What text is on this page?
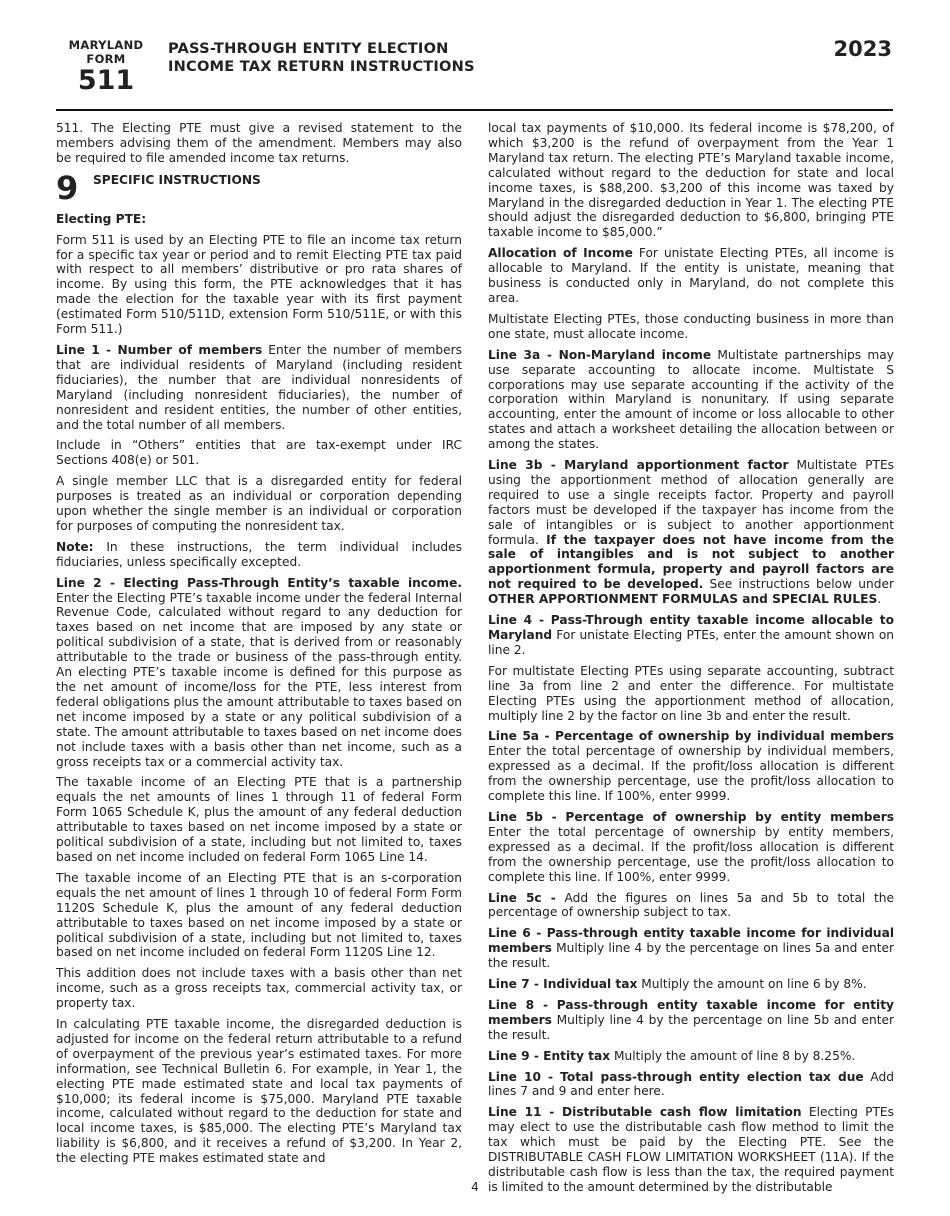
MARYLAND
FORM
511
PASS-THROUGH ENTITY ELECTION
INCOME TAX RETURN INSTRUCTIONS
2023

511. The Electing PTE must give a revised statement to the members advising them of the amendment. Members may also be required to file amended income tax returns.

9 SPECIFIC INSTRUCTIONS

Electing PTE:

Form 511 is used by an Electing PTE to file an income tax return for a specific tax year or period and to remit Electing PTE tax paid with respect to all members’ distributive or pro rata shares of income. By using this form, the PTE acknowledges that it has made the election for the taxable year with its first payment (estimated Form 510/511D, extension Form 510/511E, or with this Form 511.)

Line 1 - Number of members Enter the number of members that are individual residents of Maryland (including resident fiduciaries), the number that are individual nonresidents of Maryland (including nonresident fiduciaries), the number of nonresident and resident entities, the number of other entities, and the total number of all members.

Include in “Others” entities that are tax-exempt under IRC Sections 408(e) or 501.

A single member LLC that is a disregarded entity for federal purposes is treated as an individual or corporation depending upon whether the single member is an individual or corporation for purposes of computing the nonresident tax.

Note: In these instructions, the term individual includes fiduciaries, unless specifically excepted.

Line 2 - Electing Pass-Through Entity’s taxable income. Enter the Electing PTE’s taxable income under the federal Internal Revenue Code, calculated without regard to any deduction for taxes based on net income that are imposed by any state or political subdivision of a state, that is derived from or reasonably attributable to the trade or business of the pass-through entity. An electing PTE’s taxable income is defined for this purpose as the net amount of income/loss for the PTE, less interest from federal obligations plus the amount attributable to taxes based on net income imposed by a state or any political subdivision of a state. The amount attributable to taxes based on net income does not include taxes with a basis other than net income, such as a gross receipts tax or a commercial activity tax.

The taxable income of an Electing PTE that is a partnership equals the net amounts of lines 1 through 11 of federal Form Form 1065 Schedule K, plus the amount of any federal deduction attributable to taxes based on net income imposed by a state or political subdivision of a state, including but not limited to, taxes based on net income included on federal Form 1065 Line 14.

The taxable income of an Electing PTE that is an s-corporation equals the net amount of lines 1 through 10 of federal Form Form 1120S Schedule K, plus the amount of any federal deduction attributable to taxes based on net income imposed by a state or political subdivision of a state, including but not limited to, taxes based on net income included on federal Form 1120S Line 12.

This addition does not include taxes with a basis other than net income, such as a gross receipts tax, commercial activity tax, or property tax.

In calculating PTE taxable income, the disregarded deduction is adjusted for income on the federal return attributable to a refund of overpayment of the previous year’s estimated taxes. For more information, see Technical Bulletin 6. For example, in Year 1, the electing PTE made estimated state and local tax payments of $10,000; its federal income is $75,000. Maryland PTE taxable income, calculated without regard to the deduction for state and local income taxes, is $85,000. The electing PTE’s Maryland tax liability is $6,800, and it receives a refund of $3,200. In Year 2, the electing PTE makes estimated state and

local tax payments of $10,000. Its federal income is $78,200, of which $3,200 is the refund of overpayment from the Year 1 Maryland tax return. The electing PTE’s Maryland taxable income, calculated without regard to the deduction for state and local income taxes, is $88,200. $3,200 of this income was taxed by Maryland in the disregarded deduction in Year 1. The electing PTE should adjust the disregarded deduction to $6,800, bringing PTE taxable income to $85,000.”

Allocation of Income For unistate Electing PTEs, all income is allocable to Maryland. If the entity is unistate, meaning that business is conducted only in Maryland, do not complete this area.

Multistate Electing PTEs, those conducting business in more than one state, must allocate income.

Line 3a - Non-Maryland income Multistate partnerships may use separate accounting to allocate income. Multistate S corporations may use separate accounting if the activity of the corporation within Maryland is nonunitary. If using separate accounting, enter the amount of income or loss allocable to other states and attach a worksheet detailing the allocation between or among the states.

Line 3b - Maryland apportionment factor Multistate PTEs using the apportionment method of allocation generally are required to use a single receipts factor. Property and payroll factors must be developed if the taxpayer has income from the sale of intangibles or is subject to another apportionment formula. If the taxpayer does not have income from the sale of intangibles and is not subject to another apportionment formula, property and payroll factors are not required to be developed. See instructions below under OTHER APPORTIONMENT FORMULAS and SPECIAL RULES.

Line 4 - Pass-Through entity taxable income allocable to Maryland For unistate Electing PTEs, enter the amount shown on line 2.

For multistate Electing PTEs using separate accounting, subtract line 3a from line 2 and enter the difference. For multistate Electing PTEs using the apportionment method of allocation, multiply line 2 by the factor on line 3b and enter the result.

Line 5a - Percentage of ownership by individual members Enter the total percentage of ownership by individual members, expressed as a decimal. If the profit/loss allocation is different from the ownership percentage, use the profit/loss allocation to complete this line. If 100%, enter 9999.

Line 5b - Percentage of ownership by entity members Enter the total percentage of ownership by entity members, expressed as a decimal. If the profit/loss allocation is different from the ownership percentage, use the profit/loss allocation to complete this line. If 100%, enter 9999.

Line 5c - Add the figures on lines 5a and 5b to total the percentage of ownership subject to tax.

Line 6 - Pass-through entity taxable income for individual members Multiply line 4 by the percentage on lines 5a and enter the result.

Line 7 - Individual tax Multiply the amount on line 6 by 8%.

Line 8 - Pass-through entity taxable income for entity members Multiply line 4 by the percentage on line 5b and enter the result.

Line 9 - Entity tax Multiply the amount of line 8 by 8.25%.

Line 10 - Total pass-through entity election tax due Add lines 7 and 9 and enter here.

Line 11 - Distributable cash flow limitation Electing PTEs may elect to use the distributable cash flow method to limit the tax which must be paid by the Electing PTE. See the DISTRIBUTABLE CASH FLOW LIMITATION WORKSHEET (11A). If the distributable cash flow is less than the tax, the required payment is limited to the amount determined by the distributable

4
